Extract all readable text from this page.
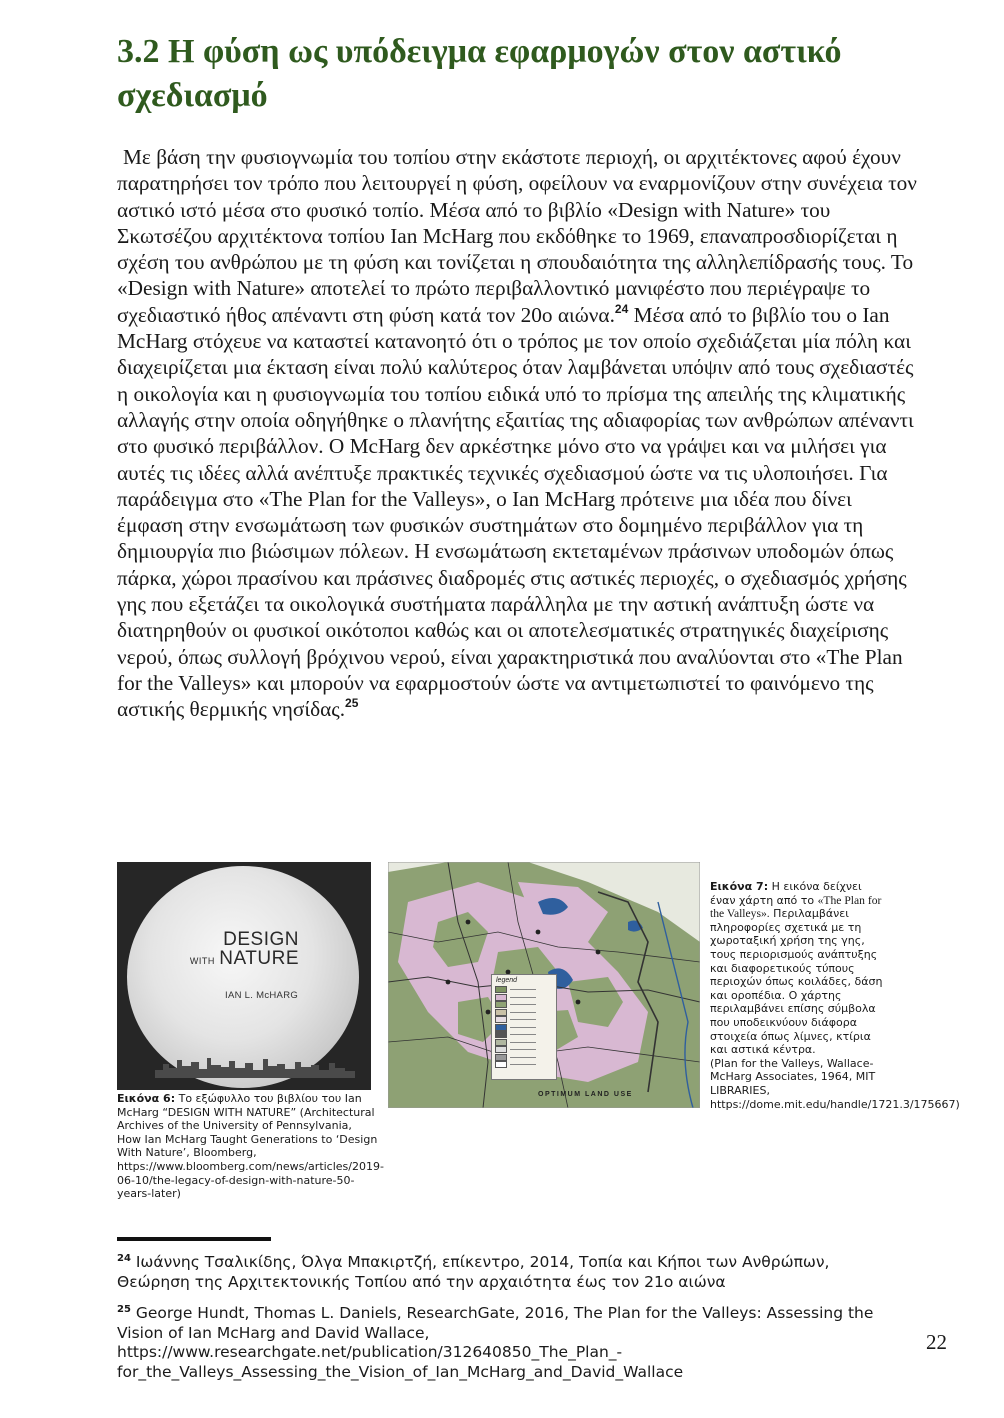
3.2 Η φύση ως υπόδειγμα εφαρμογών στον αστικό σχεδιασμό

Με βάση την φυσιογνωμία του τοπίου στην εκάστοτε περιοχή, οι αρχιτέκτονες αφού έχουν παρατηρήσει τον τρόπο που λειτουργεί η φύση, οφείλουν να εναρμονίζουν στην συνέχεια τον αστικό ιστό μέσα στο φυσικό τοπίο. Μέσα από το βιβλίο «Design with Nature» του Σκωτσέζου αρχιτέκτονα τοπίου Ian McHarg που εκδόθηκε το 1969, επαναπροσδιορίζεται η σχέση του ανθρώπου με τη φύση και τονίζεται η σπουδαιότητα της αλληλεπίδρασής τους. Το «Design with Nature» αποτελεί το πρώτο περιβαλλοντικό μανιφέστο που περιέγραψε το σχεδιαστικό ήθος απέναντι στη φύση κατά τον 20ο αιώνα.$^{24}$ Μέσα από το βιβλίο του ο Ian McHarg στόχευε να καταστεί κατανοητό ότι ο τρόπος με τον οποίο σχεδιάζεται μία πόλη και διαχειρίζεται μια έκταση είναι πολύ καλύτερος όταν λαμβάνεται υπόψιν από τους σχεδιαστές η οικολογία και η φυσιογνωμία του τοπίου ειδικά υπό το πρίσμα της απειλής της κλιματικής αλλαγής στην οποία οδηγήθηκε ο πλανήτης εξαιτίας της αδιαφορίας των ανθρώπων απέναντι στο φυσικό περιβάλλον. Ο McHarg δεν αρκέστηκε μόνο στο να γράψει και να μιλήσει για αυτές τις ιδέες αλλά ανέπτυξε πρακτικές τεχνικές σχεδιασμού ώστε να τις υλοποιήσει. Για παράδειγμα στο «The Plan for the Valleys», ο Ian McHarg πρότεινε μια ιδέα που δίνει έμφαση στην ενσωμάτωση των φυσικών συστημάτων στο δομημένο περιβάλλον για τη δημιουργία πιο βιώσιμων πόλεων. Η ενσωμάτωση εκτεταμένων πράσινων υποδομών όπως πάρκα, χώροι πρασίνου και πράσινες διαδρομές στις αστικές περιοχές, ο σχεδιασμός χρήσης γης που εξετάζει τα οικολογικά συστήματα παράλληλα με την αστική ανάπτυξη ώστε να διατηρηθούν οι φυσικοί οικότοποι καθώς και οι αποτελεσματικές στρατηγικές διαχείρισης νερού, όπως συλλογή βρόχινου νερού, είναι χαρακτηριστικά που αναλύονται στο «The Plan for the Valleys» και μπορούν να εφαρμοστούν ώστε να αντιμετωπιστεί το φαινόμενο της αστικής θερμικής νησίδας.$^{25}$

DESIGN
WITH NATURE
IAN L. McHARG
Εικόνα 6: Το εξώφυλλο του βιβλίου του Ian McHarg “DESIGN WITH NATURE” (Architectural Archives of the University of Pennsylvania, How Ian McHarg Taught Generations to ‘Design With Nature’, Bloomberg, https://www.bloomberg.com/news/articles/2019-06-10/the-legacy-of-design-with-nature-50-years-later)
legend
OPTIMUM LAND USE
Εικόνα 7: Η εικόνα δείχνει έναν χάρτη από το «The Plan for the Valleys». Περιλαμβάνει πληροφορίες σχετικά με τη χωροταξική χρήση της γης, τους περιορισμούς ανάπτυξης και διαφορετικούς τύπους περιοχών όπως κοιλάδες, δάση και οροπέδια. Ο χάρτης περιλαμβάνει επίσης σύμβολα που υποδεικνύουν διάφορα στοιχεία όπως λίμνες, κτίρια και αστικά κέντρα.
(Plan for the Valleys, Wallace-McHarg Associates, 1964, MIT LIBRARIES, https://dome.mit.edu/handle/1721.3/175667)

$^{24}$ Ιωάννης Τσαλικίδης, Όλγα Μπακιρτζή, επίκεντρο, 2014, Τοπία και Κήποι των Ανθρώπων, Θεώρηση της Αρχιτεκτονικής Τοπίου από την αρχαιότητα έως τον 21ο αιώνα

$^{25}$ George Hundt, Thomas L. Daniels, ResearchGate, 2016, The Plan for the Valleys: Assessing the Vision of Ian McHarg and David Wallace, https://www.researchgate.net/publication/312640850_The_Plan_-for_the_Valleys_Assessing_the_Vision_of_Ian_McHarg_and_David_Wallace

22
